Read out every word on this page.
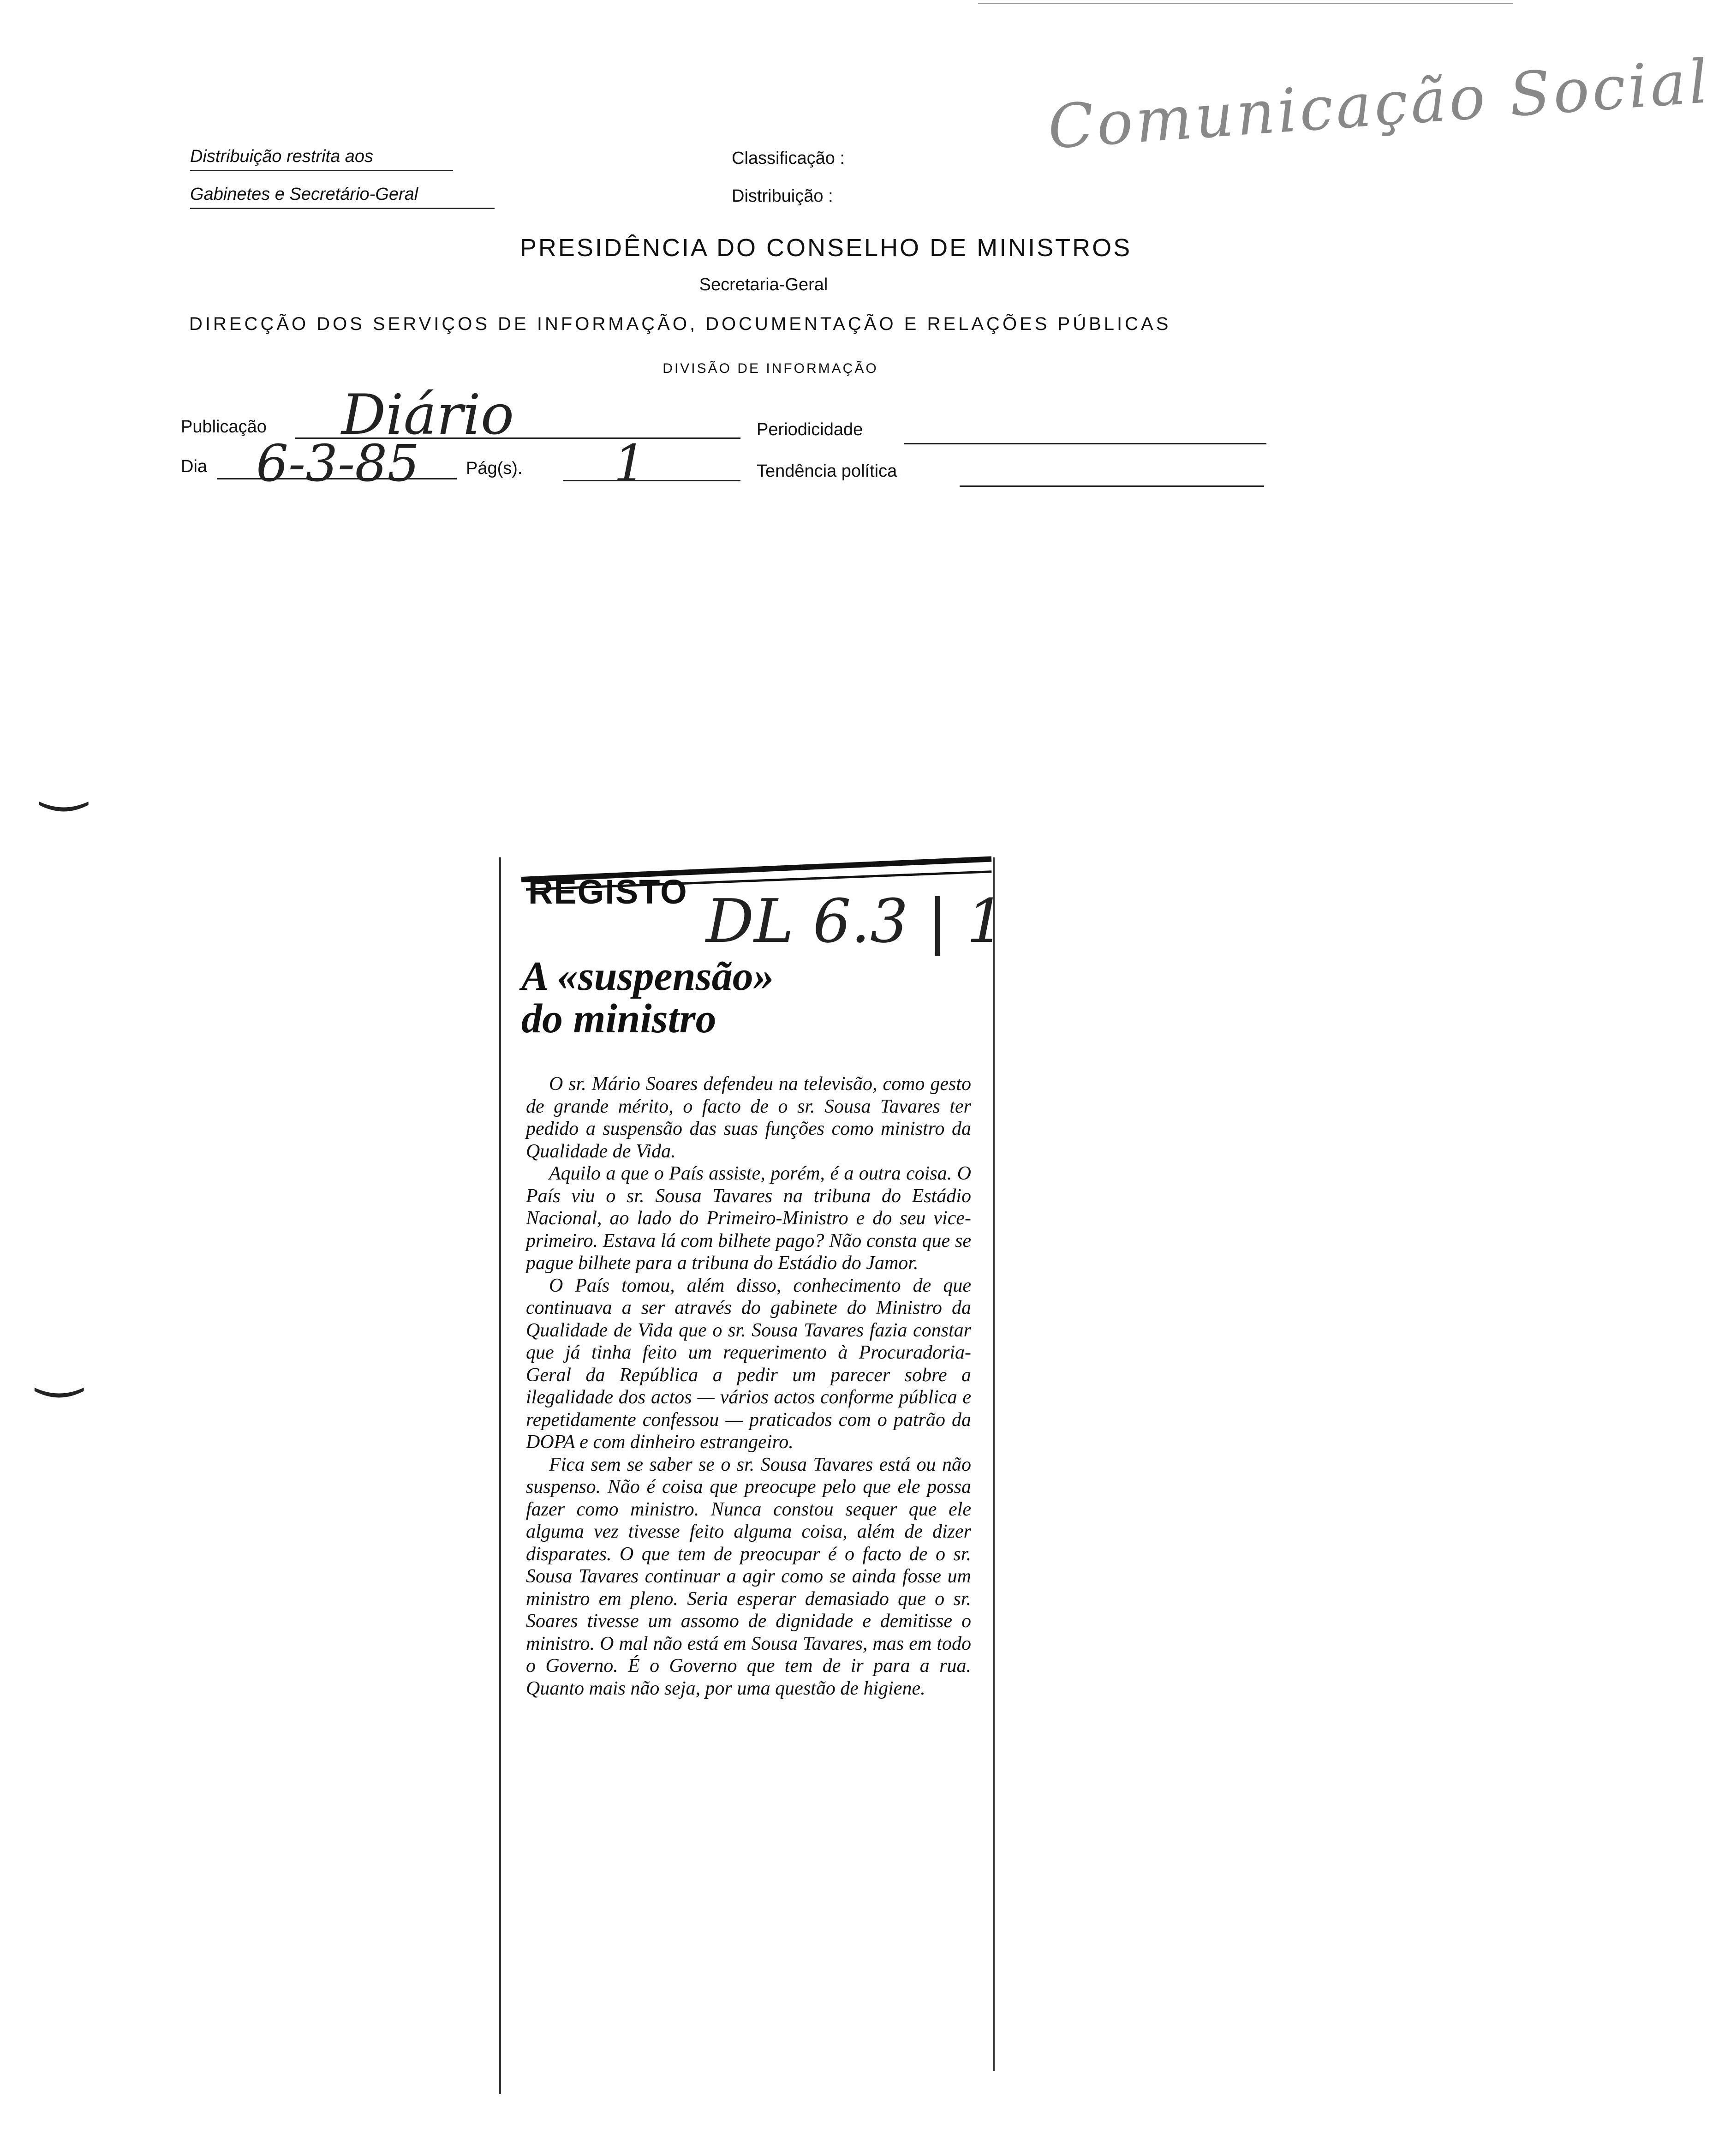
Comunicação Social
Distribuição restrita aos
Gabinetes e Secretário-Geral
Classificação :
Distribuição :
PRESIDÊNCIA DO CONSELHO DE MINISTROS
Secretaria-Geral
DIRECÇÃO DOS SERVIÇOS DE INFORMAÇÃO, DOCUMENTAÇÃO E RELAÇÕES PÚBLICAS
DIVISÃO DE INFORMAÇÃO
Publicação Diário	Periodicidade
Dia 6-3-85	Pág(s). 1	Tendência política
‿
‿
REGISTO DL 6.3 | 1
A «suspensão»
do ministro

O sr. Mário Soares defendeu na televisão, como gesto de grande mérito, o facto de o sr. Sousa Tavares ter pedido a suspensão das suas funções como ministro da Qualidade de Vida.

Aquilo a que o País assiste, porém, é a outra coisa. O País viu o sr. Sousa Tavares na tribuna do Estádio Nacional, ao lado do Primeiro-Ministro e do seu vice-primeiro. Estava lá com bilhete pago? Não consta que se pague bilhete para a tribuna do Estádio do Jamor.

O País tomou, além disso, conhecimento de que continuava a ser através do gabinete do Ministro da Qualidade de Vida que o sr. Sousa Tavares fazia constar que já tinha feito um requerimento à Procuradoria-Geral da República a pedir um parecer sobre a ilegalidade dos actos — vários actos conforme pública e repetidamente confessou — praticados com o patrão da DOPA e com dinheiro estrangeiro.

Fica sem se saber se o sr. Sousa Tavares está ou não suspenso. Não é coisa que preocupe pelo que ele possa fazer como ministro. Nunca constou sequer que ele alguma vez tivesse feito alguma coisa, além de dizer disparates. O que tem de preocupar é o facto de o sr. Sousa Tavares continuar a agir como se ainda fosse um ministro em pleno. Seria esperar demasiado que o sr. Soares tivesse um assomo de dignidade e demitisse o ministro. O mal não está em Sousa Tavares, mas em todo o Governo. É o Governo que tem de ir para a rua. Quanto mais não seja, por uma questão de higiene.
